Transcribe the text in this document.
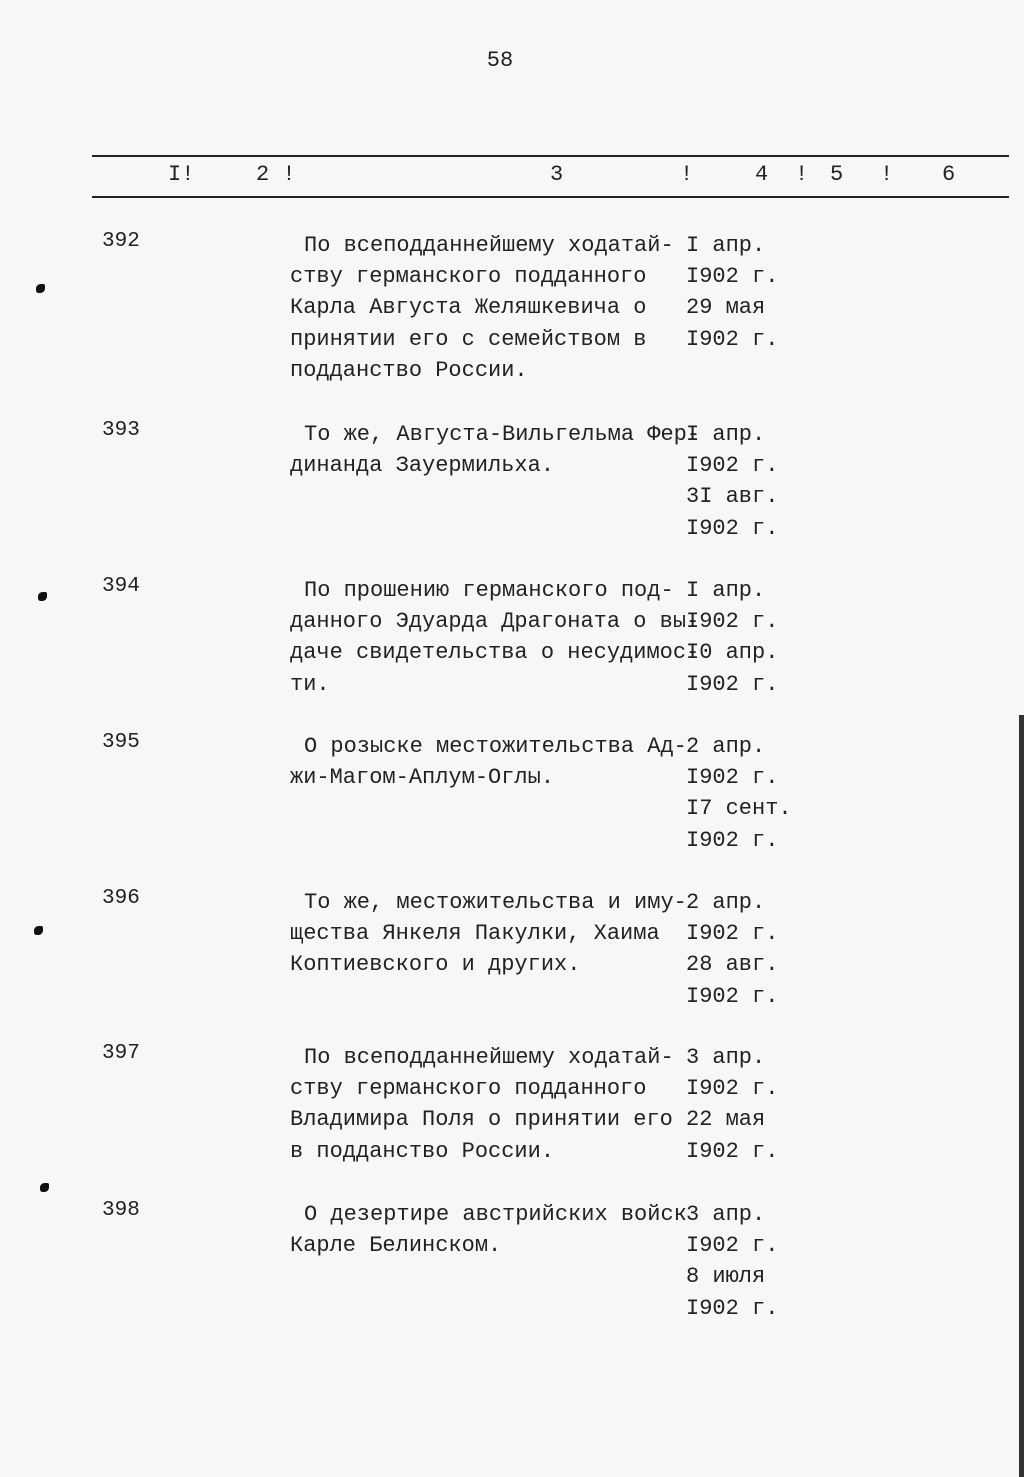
58
I!	2 !	3	!	4 ! 5 ! 6
392	По всеподданнейшему ходатай-
ству германского подданного
Карла Августа Желяшкевича о
принятии его с семейством в
подданство России.
I апр.
I902 г.
29 мая
I902 г.
393	То же, Августа-Вильгельма Фер-
динанда Зауермильха.
I апр.
I902 г.
3I авг.
I902 г.
394	По прошению германского под-
данного Эдуарда Драгоната о вы-
даче свидетельства о несудимос-
ти.
I апр.
I902 г.
I0 апр.
I902 г.
395	О розыске местожительства Ад-
жи-Магом-Аплум-Оглы.
2 апр.
I902 г.
I7 сент.
I902 г.
396	То же, местожительства и иму-
щества Янкеля Пакулки, Хаима
Коптиевского и других.
2 апр.
I902 г.
28 авг.
I902 г.
397	По всеподданнейшему ходатай-
ству германского подданного
Владимира Поля о принятии его
в подданство России.
3 апр.
I902 г.
22 мая
I902 г.
398	О дезертире австрийских войск
Карле Белинском.
3 апр.
I902 г.
8 июля
I902 г.
